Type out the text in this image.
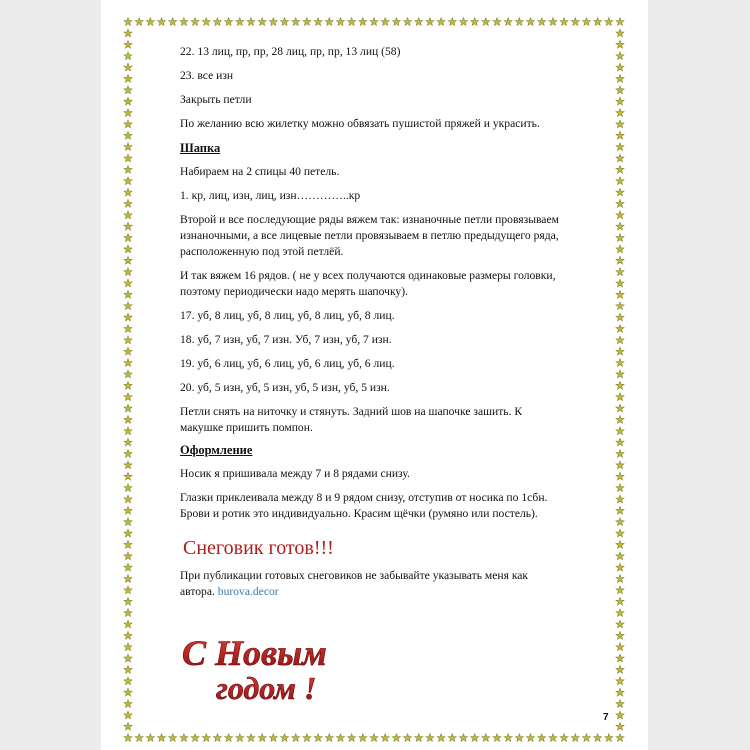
22. 13 лиц, пр, пр, 28 лиц, пр, пр, 13 лиц (58)

23. все изн

Закрыть петли

По желанию всю жилетку можно обвязать пушистой пряжей и украсить.

Шапка

Набираем на 2 спицы 40 петель.

1. кр, лиц, изн, лиц, изн…………..кр

Второй и все последующие ряды вяжем так: изнаночные петли провязываем

изнаночными, а все лицевые петли провязываем в петлю предыдущего ряда,

расположенную под этой петлёй.

И так вяжем 16 рядов. ( не у всех получаются одинаковые размеры головки,

поэтому периодически надо мерять шапочку).

17. уб, 8 лиц, уб, 8 лиц, уб, 8 лиц, уб, 8 лиц.

18. уб, 7 изн, уб, 7 изн. Уб, 7 изн, уб, 7 изн.

19. уб, 6 лиц, уб, 6 лиц, уб, 6 лиц, уб, 6 лиц.

20. уб, 5 изн, уб, 5 изн, уб, 5 изн, уб, 5 изн.

Петли снять на ниточку и стянуть. Задний шов на шапочке зашить. К

макушке пришить помпон.

Оформление

Носик я пришивала между 7 и 8 рядами снизу.

Глазки приклеивала между 8 и 9 рядом снизу, отступив от носика по 1сбн.

Брови и ротик это индивидуально. Красим щёчки (румяно или постель).

Снеговик готов!!!

При публикации готовых снеговиков не забывайте указывать меня как

автора. burova.decor

С Новым
годом !
7
